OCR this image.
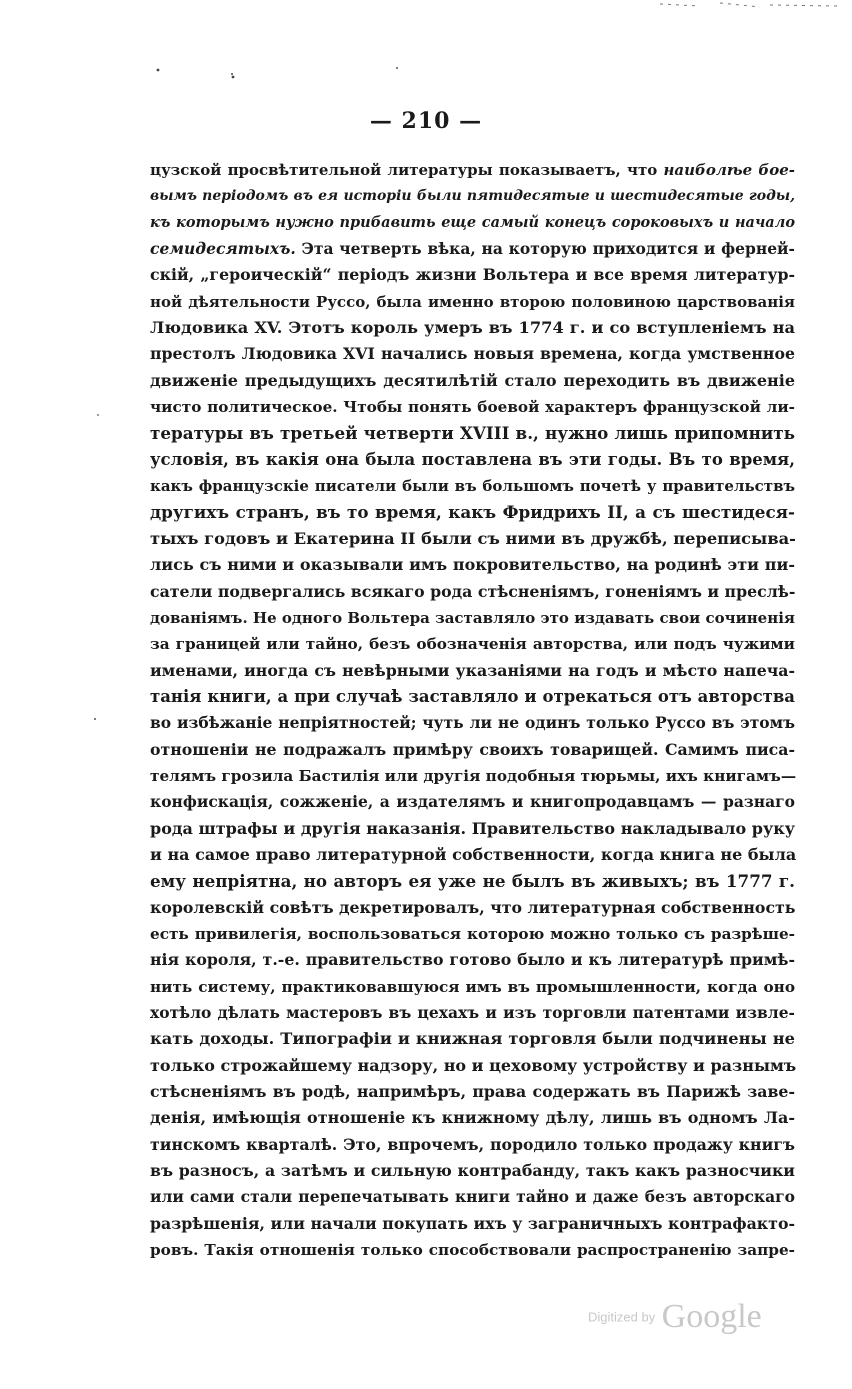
— 210 —
цузской просвѣтительной литературы показываетъ, что наиболѣе бое-
вымъ періодомъ въ ея исторіи были пятидесятые и шестидесятые годы,
къ которымъ нужно прибавить еще самый конецъ сороковыхъ и начало
семидесятыхъ. Эта четверть вѣка, на которую приходится и ферней-
скій, „героическій“ періодъ жизни Вольтера и все время литератур-
ной дѣятельности Руссо, была именно второю половиною царствованія
Людовика XV. Этотъ король умеръ въ 1774 г. и со вступленіемъ на
престолъ Людовика XVI начались новыя времена, когда умственное
движеніе предыдущихъ десятилѣтій стало переходить въ движеніе
чисто политическое. Чтобы понять боевой характеръ французской ли-
тературы въ третьей четверти XVIII в., нужно лишь припомнить
условія, въ какія она была поставлена въ эти годы. Въ то время,
какъ французскіе писатели были въ большомъ почетѣ у правительствъ
другихъ странъ, въ то время, какъ Фридрихъ II, а съ шестидеся-
тыхъ годовъ и Екатерина II были съ ними въ дружбѣ, переписыва-
лись съ ними и оказывали имъ покровительство, на родинѣ эти пи-
сатели подвергались всякаго рода стѣсненіямъ, гоненіямъ и преслѣ-
дованіямъ. Не одного Вольтера заставляло это издавать свои сочиненія
за границей или тайно, безъ обозначенія авторства, или подъ чужими
именами, иногда съ невѣрными указаніями на годъ и мѣсто напеча-
танія книги, а при случаѣ заставляло и отрекаться отъ авторства
во избѣжаніе непріятностей; чуть ли не одинъ только Руссо въ этомъ
отношеніи не подражалъ примѣру своихъ товарищей. Самимъ писа-
телямъ грозила Бастилія или другія подобныя тюрьмы, ихъ книгамъ—
конфискація, сожженіе, а издателямъ и книгопродавцамъ — разнаго
рода штрафы и другія наказанія. Правительство накладывало руку
и на самое право литературной собственности, когда книга не была
ему непріятна, но авторъ ея уже не былъ въ живыхъ; въ 1777 г.
королевскій совѣтъ декретировалъ, что литературная собственность
есть привилегія, воспользоваться которою можно только съ разрѣше-
нія короля, т.-е. правительство готово было и къ литературѣ примѣ-
нить систему, практиковавшуюся имъ въ промышленности, когда оно
хотѣло дѣлать мастеровъ въ цехахъ и изъ торговли патентами извле-
кать доходы. Типографіи и книжная торговля были подчинены не
только строжайшему надзору, но и цеховому устройству и разнымъ
стѣсненіямъ въ родѣ, напримѣръ, права содержать въ Парижѣ заве-
денія, имѣющія отношеніе къ книжному дѣлу, лишь въ одномъ Ла-
тинскомъ кварталѣ. Это, впрочемъ, породило только продажу книгъ
въ разносъ, а затѣмъ и сильную контрабанду, такъ какъ разносчики
или сами стали перепечатывать книги тайно и даже безъ авторскаго
разрѣшенія, или начали покупать ихъ у заграничныхъ контрафакто-
ровъ. Такія отношенія только способствовали распространенію запре-
Digitized by Google
